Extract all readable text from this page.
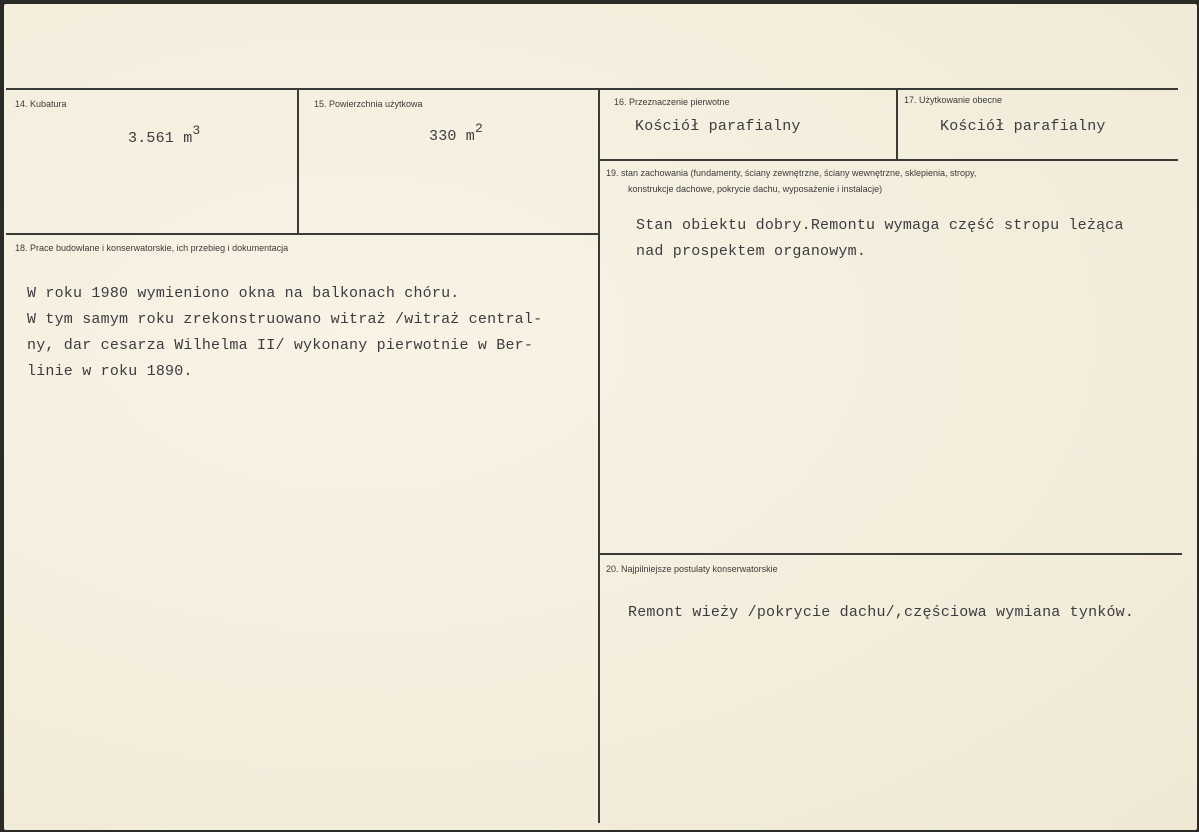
14. Kubatura
3.561 m3
15. Powierzchnia użytkowa
330 m2
16. Przeznaczenie pierwotne
Kościół parafialny
17. Użytkowanie obecne
Kościół parafialny
18. Prace budowlane i konserwatorskie, ich przebieg i dokumentacja
W roku 1980 wymieniono okna na balkonach chóru.
W tym samym roku zrekonstruowano witraż /witraż central-
ny, dar cesarza Wilhelma II/ wykonany pierwotnie w Ber-
linie w roku 1890.
19. stan zachowania (fundamenty, ściany zewnętrzne, ściany wewnętrzne, sklepienia, stropy,
konstrukcje dachowe, pokrycie dachu, wyposażenie i instalacje)
Stan obiektu dobry.Remontu wymaga część stropu leżąca
nad prospektem organowym.
20. Najpilniejsze postulaty konserwatorskie
Remont wieży /pokrycie dachu/,częściowa wymiana tynków.
